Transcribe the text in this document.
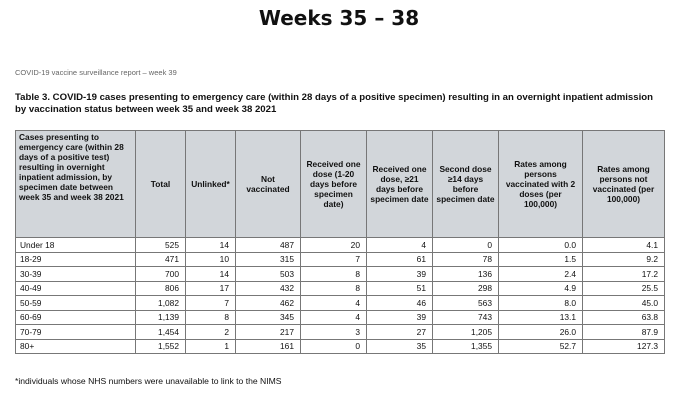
Weeks 35 – 38
COVID-19 vaccine surveillance report – week 39
Table 3. COVID-19 cases presenting to emergency care (within 28 days of a positive specimen) resulting in an overnight inpatient admission by vaccination status between week 35 and week 38 2021
Cases presenting to emergency care (within 28 days of a positive test) resulting in overnight inpatient admission, by specimen date between week 35 and week 38 2021	Total	Unlinked*	Not vaccinated	Received one dose (1-20 days before specimen date)	Received one dose, ≥21 days before specimen date	Second dose ≥14 days before specimen date	Rates among persons vaccinated with 2 doses (per 100,000)	Rates among persons not vaccinated (per 100,000)
Under 18	525	14	487	20	4	0	0.0	4.1
18-29	471	10	315	7	61	78	1.5	9.2
30-39	700	14	503	8	39	136	2.4	17.2
40-49	806	17	432	8	51	298	4.9	25.5
50-59	1,082	7	462	4	46	563	8.0	45.0
60-69	1,139	8	345	4	39	743	13.1	63.8
70-79	1,454	2	217	3	27	1,205	26.0	87.9
80+	1,552	1	161	0	35	1,355	52.7	127.3
*individuals whose NHS numbers were unavailable to link to the NIMS
